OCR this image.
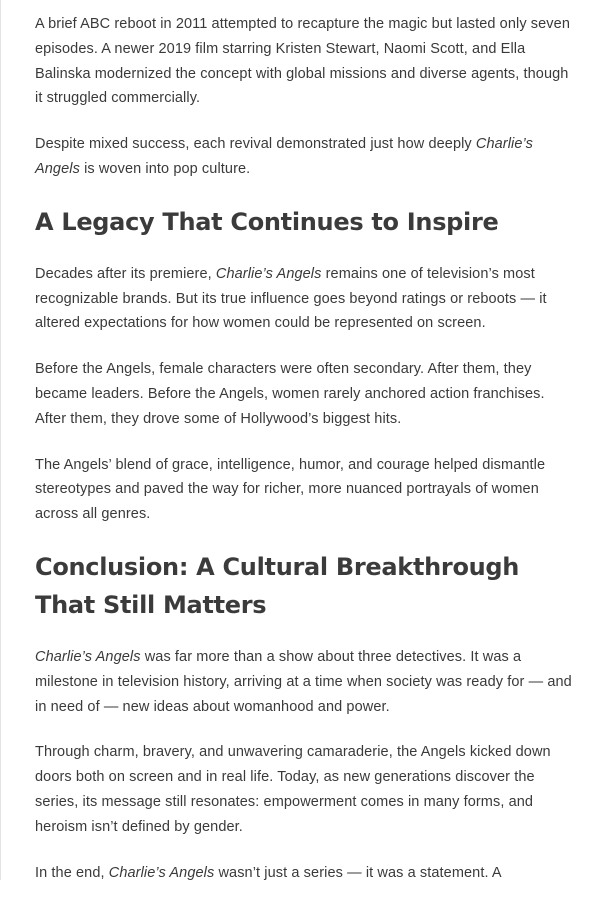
A brief ABC reboot in 2011 attempted to recapture the magic but lasted only seven episodes. A newer 2019 film starring Kristen Stewart, Naomi Scott, and Ella Balinska modernized the concept with global missions and diverse agents, though it struggled commercially.

Despite mixed success, each revival demonstrated just how deeply Charlie’s Angels is woven into pop culture.

A Legacy That Continues to Inspire

Decades after its premiere, Charlie’s Angels remains one of television’s most recognizable brands. But its true influence goes beyond ratings or reboots — it altered expectations for how women could be represented on screen.

Before the Angels, female characters were often secondary. After them, they became leaders. Before the Angels, women rarely anchored action franchises. After them, they drove some of Hollywood’s biggest hits.

The Angels’ blend of grace, intelligence, humor, and courage helped dismantle stereotypes and paved the way for richer, more nuanced portrayals of women across all genres.

Conclusion: A Cultural Breakthrough That Still Matters

Charlie’s Angels was far more than a show about three detectives. It was a milestone in television history, arriving at a time when society was ready for — and in need of — new ideas about womanhood and power.

Through charm, bravery, and unwavering camaraderie, the Angels kicked down doors both on screen and in real life. Today, as new generations discover the series, its message still resonates: empowerment comes in many forms, and heroism isn’t defined by gender.

In the end, Charlie’s Angels wasn’t just a series — it was a statement. A
